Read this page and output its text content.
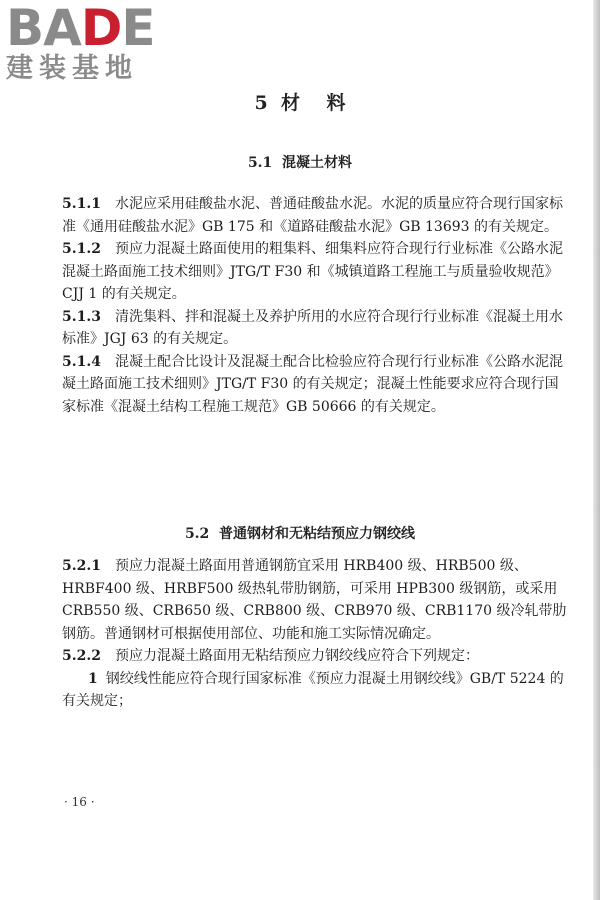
BADE
建装基地
5  材    料
5.1  混凝土材料

5.1.1 水泥应采用硅酸盐水泥、普通硅酸盐水泥。水泥的质量应符合现行国家标准《通用硅酸盐水泥》GB 175 和《道路硅酸盐水泥》GB 13693 的有关规定。

5.1.2 预应力混凝土路面使用的粗集料、细集料应符合现行行业标准《公路水泥混凝土路面施工技术细则》JTG/T F30 和《城镇道路工程施工与质量验收规范》CJJ 1 的有关规定。

5.1.3 清洗集料、拌和混凝土及养护所用的水应符合现行行业标准《混凝土用水标准》JGJ 63 的有关规定。

5.1.4 混凝土配合比设计及混凝土配合比检验应符合现行行业标准《公路水泥混凝土路面施工技术细则》JTG/T F30 的有关规定；混凝土性能要求应符合现行国家标准《混凝土结构工程施工规范》GB 50666 的有关规定。

5.2  普通钢材和无粘结预应力钢绞线

5.2.1 预应力混凝土路面用普通钢筋宜采用 HRB400 级、HRB500 级、HRBF400 级、HRBF500 级热轧带肋钢筋，可采用 HPB300 级钢筋，或采用 CRB550 级、CRB650 级、CRB800 级、CRB970 级、CRB1170 级冷轧带肋钢筋。普通钢材可根据使用部位、功能和施工实际情况确定。

5.2.2 预应力混凝土路面用无粘结预应力钢绞线应符合下列规定：

1 钢绞线性能应符合现行国家标准《预应力混凝土用钢绞线》GB/T 5224 的有关规定；

· 16 ·
